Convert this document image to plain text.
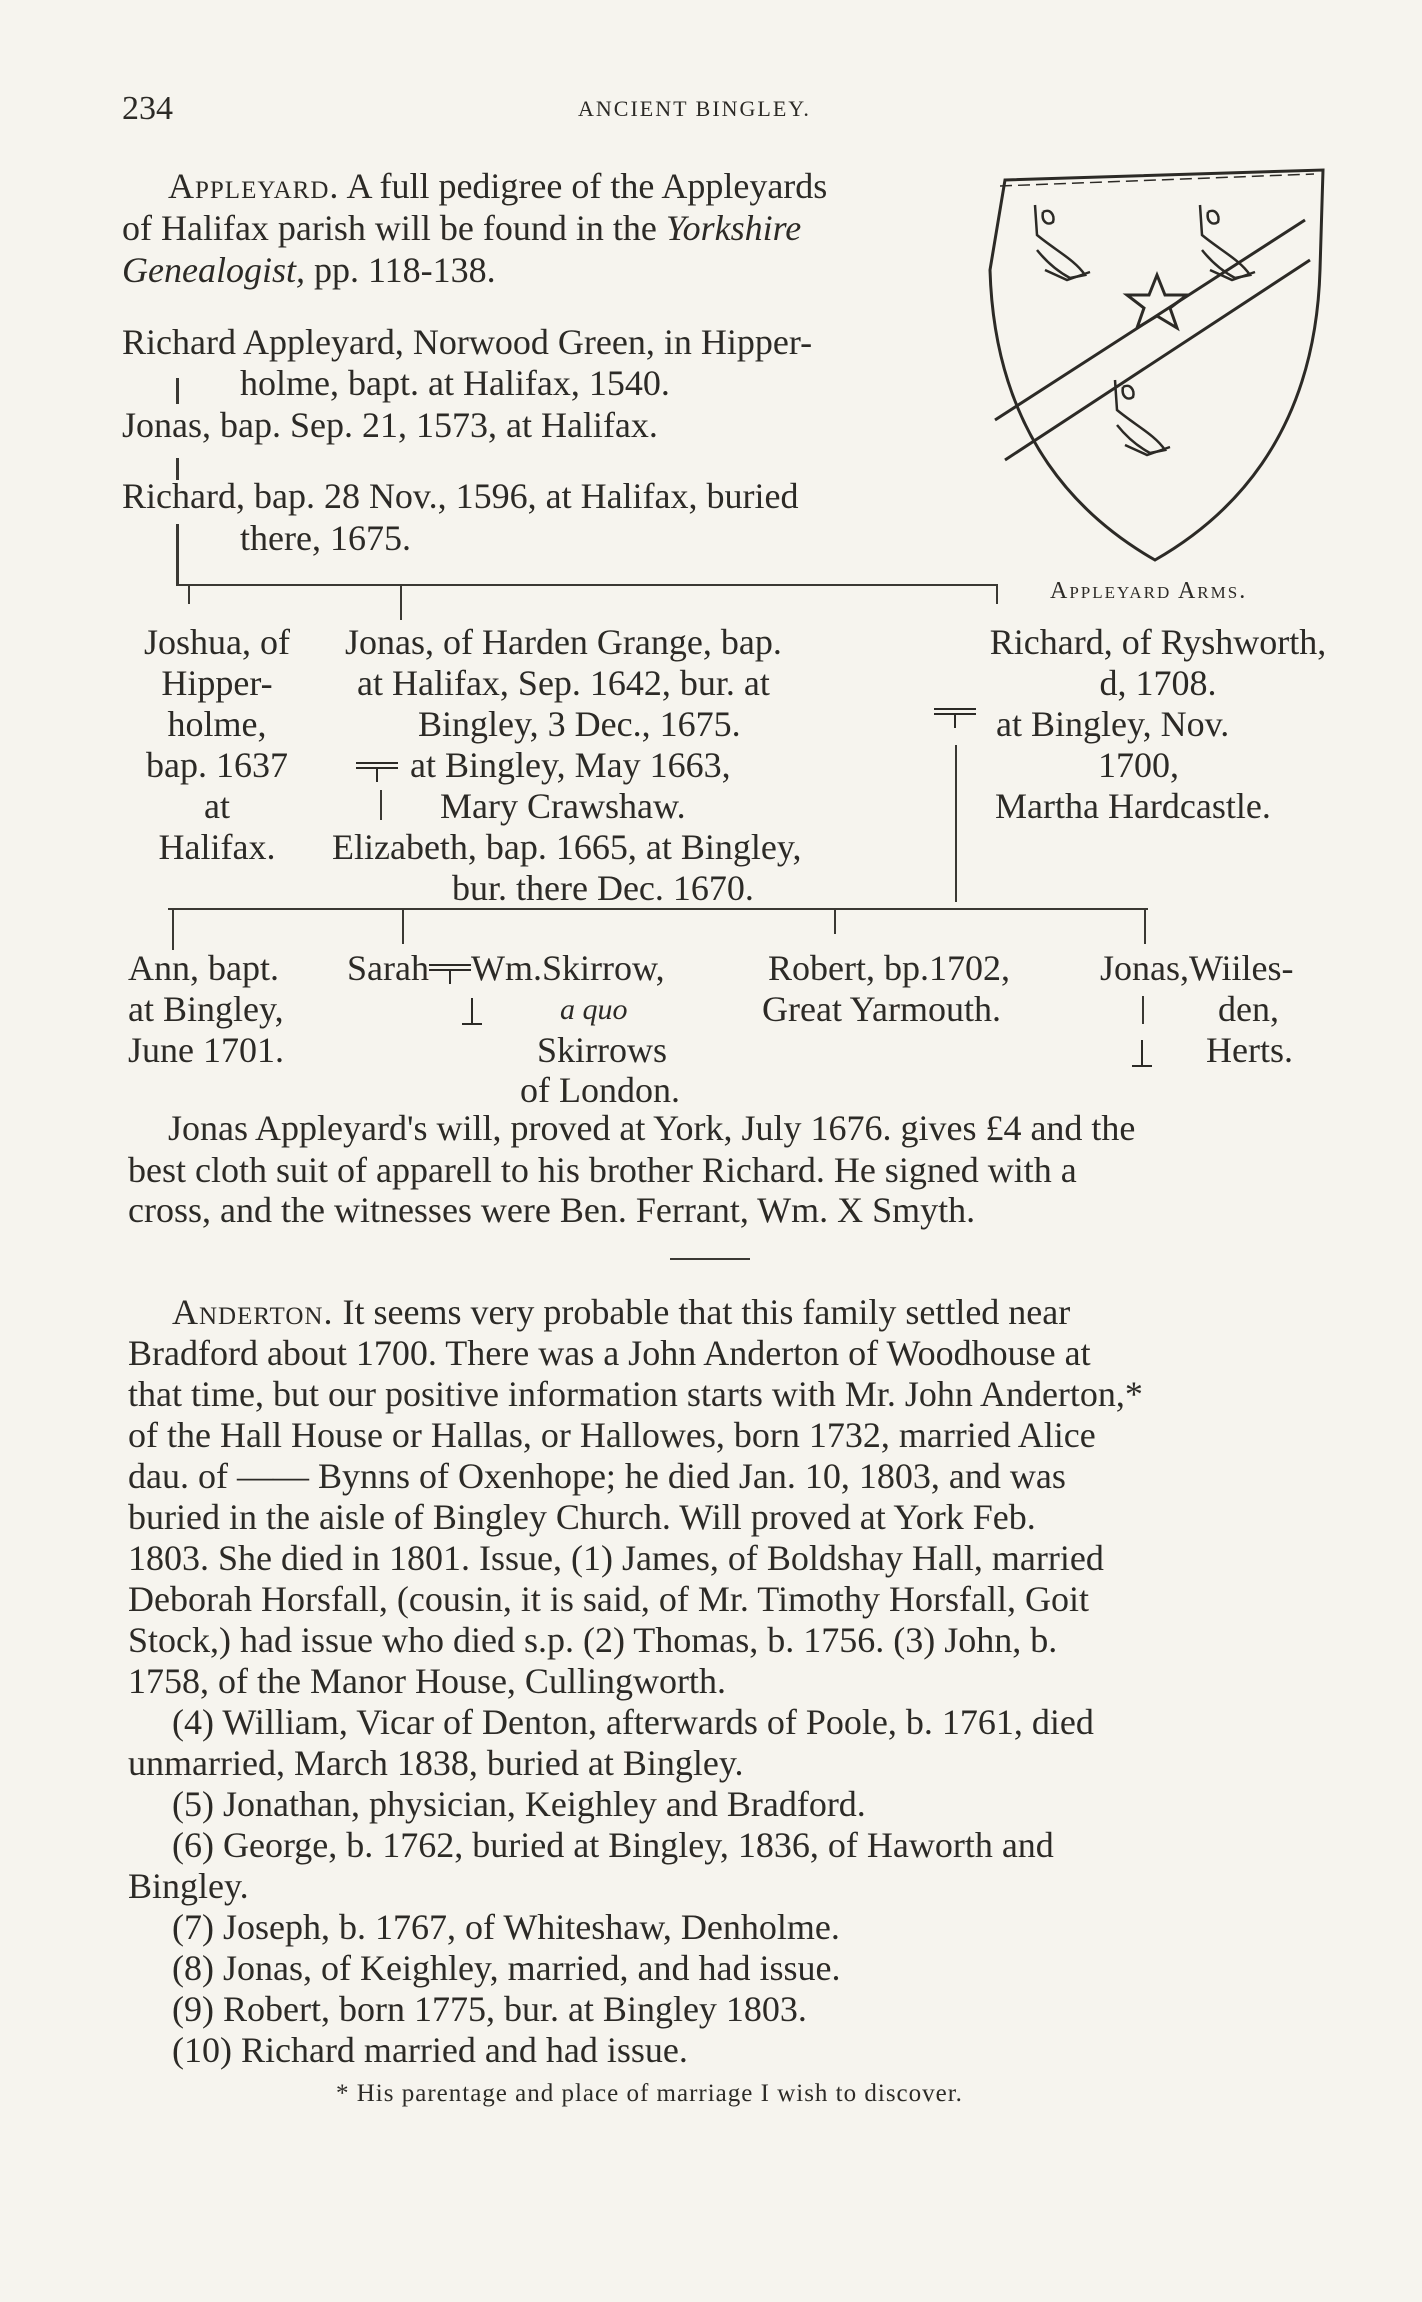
234	ANCIENT BINGLEY.
Appleyard. A full pedigree of the Appleyards
of Halifax parish will be found in the Yorkshire
Genealogist, pp. 118-138.
Richard Appleyard, Norwood Green, in Hipper-
holme, bapt. at Halifax, 1540.
Jonas, bap. Sep. 21, 1573, at Halifax.
Richard, bap. 28 Nov., 1596, at Halifax, buried
there, 1675.
Appleyard Arms.
Joshua, of
Hipper-
holme,
bap. 1637
at
Halifax.
Jonas, of Harden Grange, bap.
at Halifax, Sep. 1642, bur. at
Bingley, 3 Dec., 1675.
at Bingley, May 1663,
Mary Crawshaw.
Elizabeth, bap. 1665, at Bingley,
bur. there Dec. 1670.
Richard, of Ryshworth,
d, 1708.
at Bingley, Nov.
1700,
Martha Hardcastle.
Ann, bapt.
at Bingley,
June 1701.
Sarah Wm.Skirrow,
a quo
Skirrows
of London.
Robert, bp.1702,
Great Yarmouth.
Jonas,Wiiles-
den,
Herts.
Jonas Appleyard's will, proved at York, July 1676. gives £4 and the
best cloth suit of apparell to his brother Richard. He signed with a
cross, and the witnesses were Ben. Ferrant, Wm. X Smyth.
Anderton. It seems very probable that this family settled near
Bradford about 1700. There was a John Anderton of Woodhouse at
that time, but our positive information starts with Mr. John Anderton,*
of the Hall House or Hallas, or Hallowes, born 1732, married Alice
dau. of —— Bynns of Oxenhope; he died Jan. 10, 1803, and was
buried in the aisle of Bingley Church. Will proved at York Feb.
1803. She died in 1801. Issue, (1) James, of Boldshay Hall, married
Deborah Horsfall, (cousin, it is said, of Mr. Timothy Horsfall, Goit
Stock,) had issue who died s.p. (2) Thomas, b. 1756. (3) John, b.
1758, of the Manor House, Cullingworth.
(4) William, Vicar of Denton, afterwards of Poole, b. 1761, died
unmarried, March 1838, buried at Bingley.
(5) Jonathan, physician, Keighley and Bradford.
(6) George, b. 1762, buried at Bingley, 1836, of Haworth and
Bingley.
(7) Joseph, b. 1767, of Whiteshaw, Denholme.
(8) Jonas, of Keighley, married, and had issue.
(9) Robert, born 1775, bur. at Bingley 1803.
(10) Richard married and had issue.
* His parentage and place of marriage I wish to discover.
